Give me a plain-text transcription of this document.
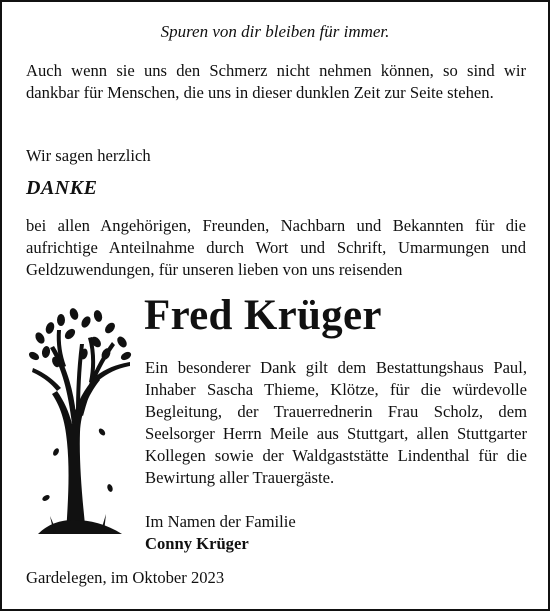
Spuren von dir bleiben für immer.
Auch wenn sie uns den Schmerz nicht nehmen können, so sind wir dankbar für Menschen, die uns in dieser dunklen Zeit zur Seite stehen.
Wir sagen herzlich
DANKE
bei allen Angehörigen, Freunden, Nachbarn und Bekannten für die aufrichtige Anteilnahme durch Wort und Schrift, Umarmungen und Geldzuwendungen, für unseren lieben von uns reisenden
Fred Krüger
Ein besonderer Dank gilt dem Bestattungshaus Paul, Inhaber Sascha Thieme, Klötze, für die würdevolle Begleitung, der Trauerrednerin Frau Scholz, dem Seelsorger Herrn Meile aus Stuttgart, allen Stuttgarter Kollegen sowie der Waldgaststätte Lindenthal für die Bewirtung aller Trauergäste.
Im Namen der Familie
Conny Krüger
Gardelegen, im Oktober 2023
